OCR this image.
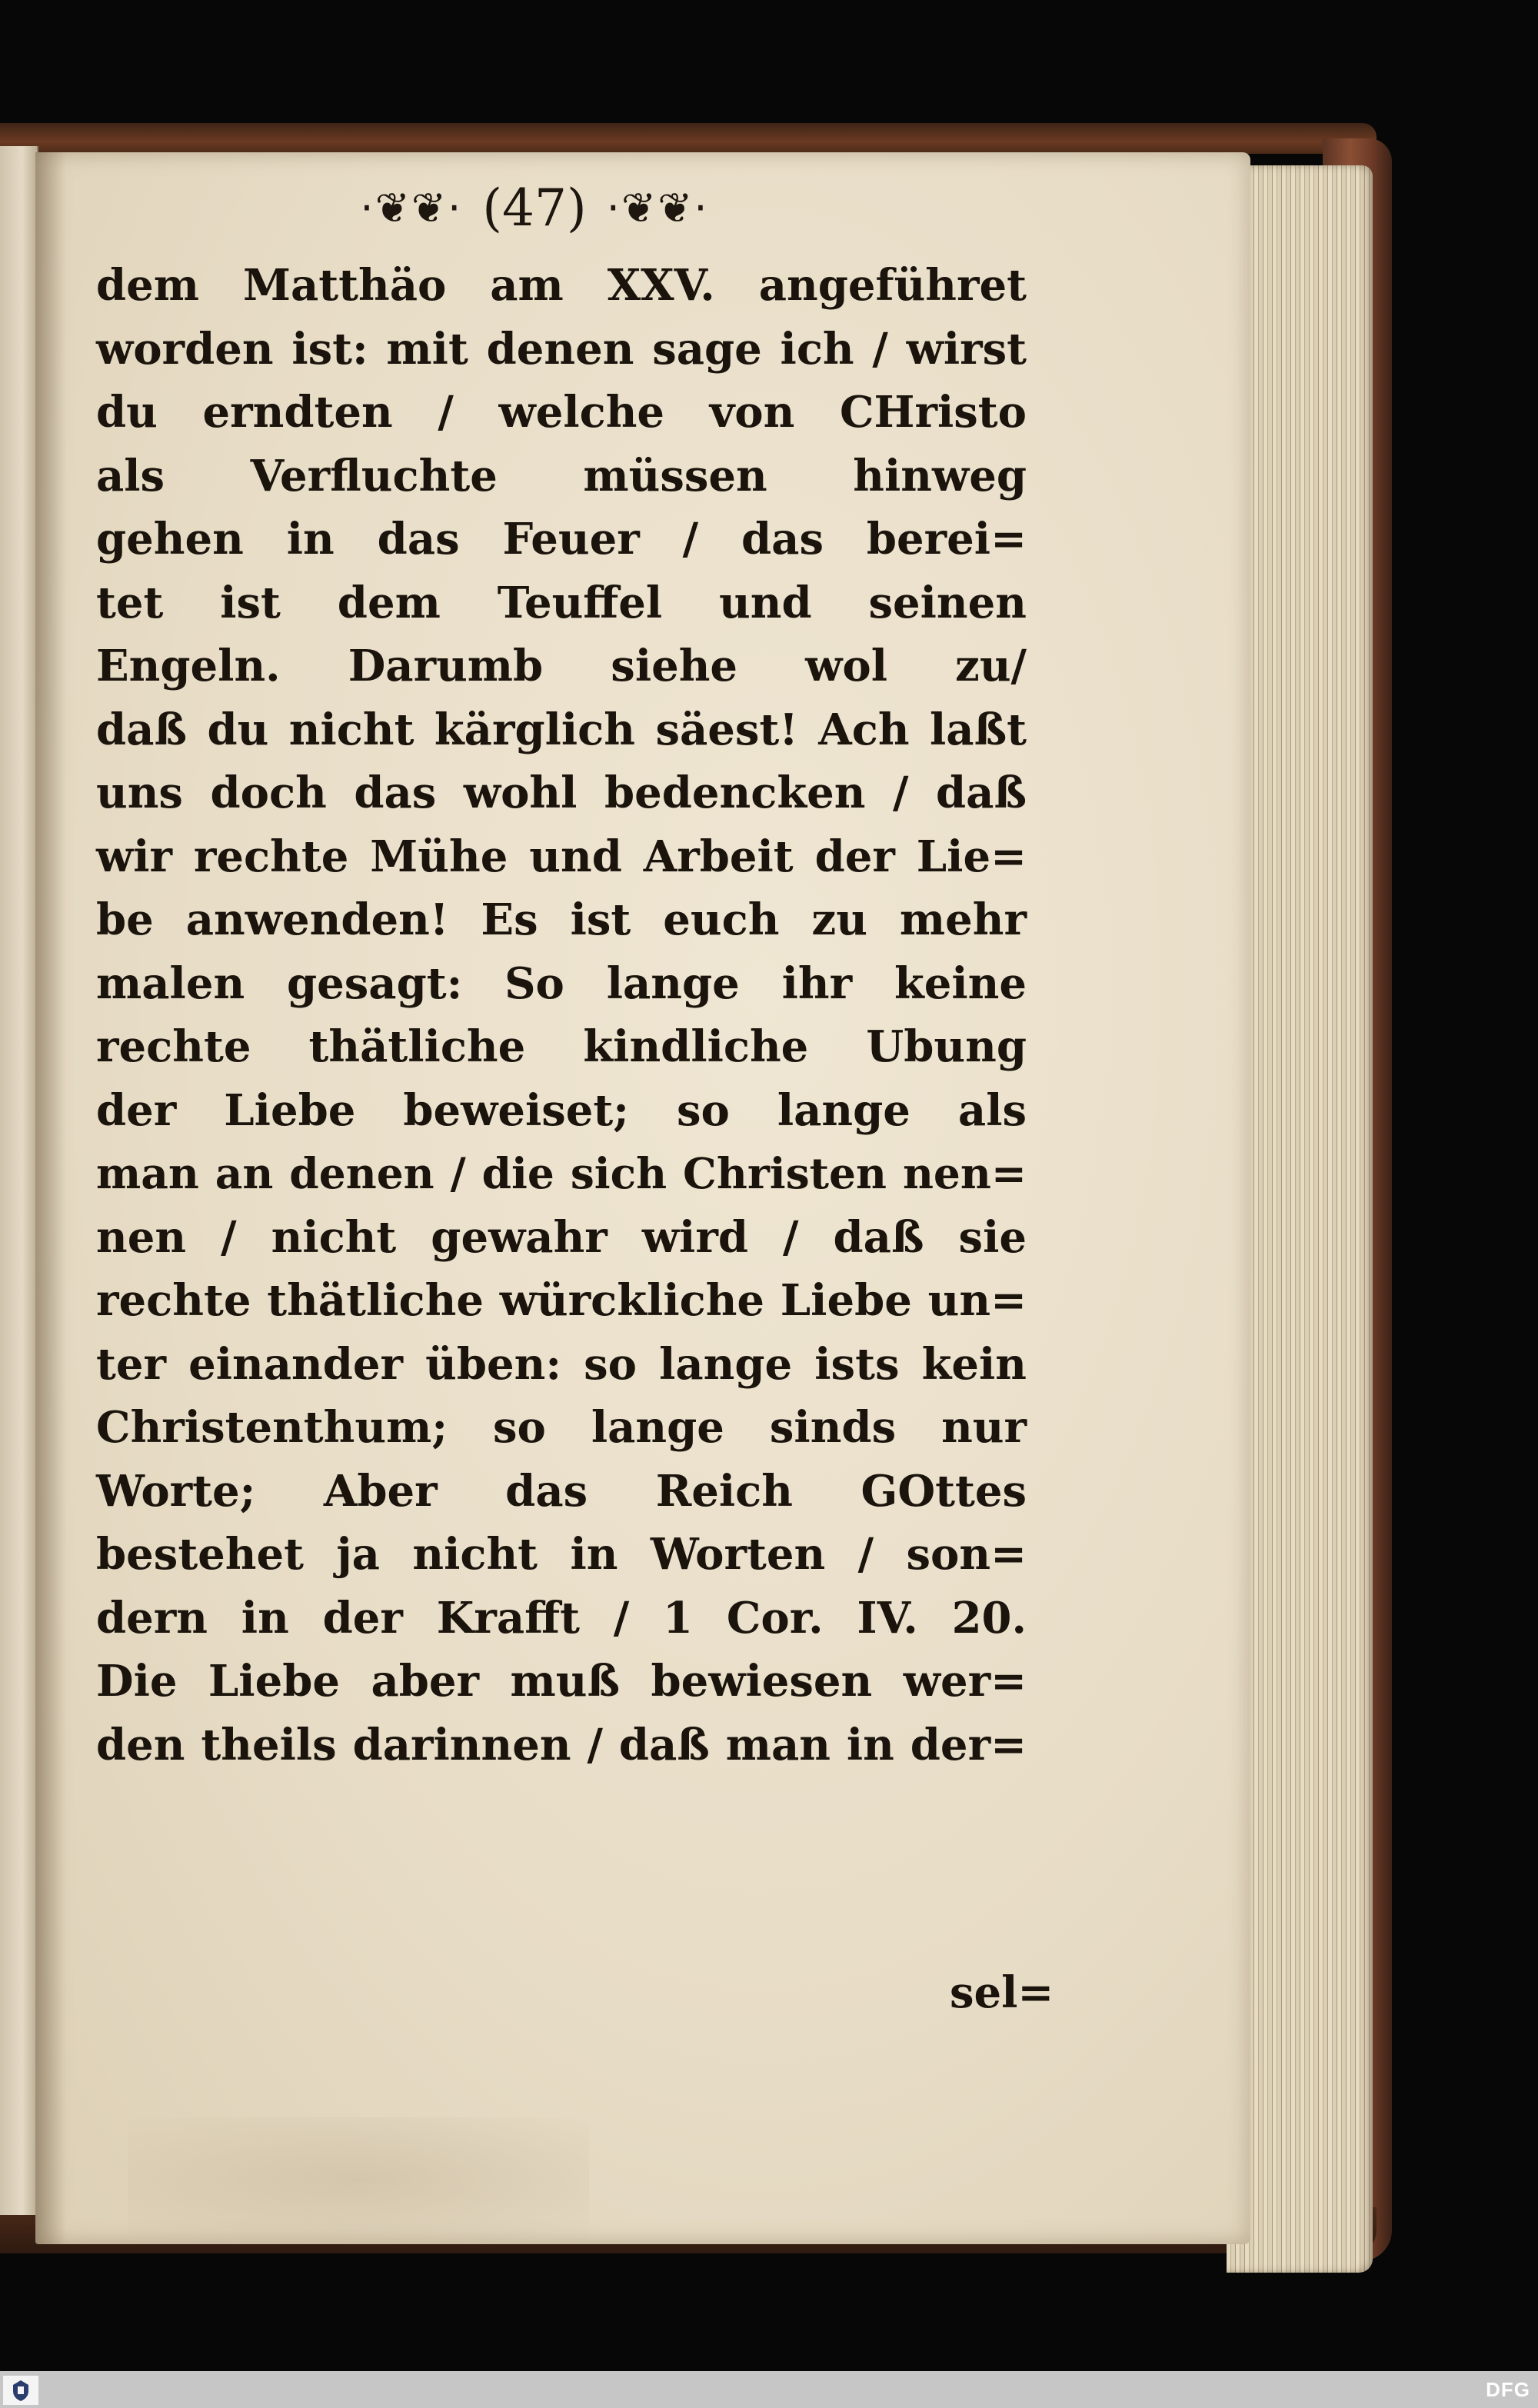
·❦❦· (47) ·❦❦·
dem Matthäo am XXV. angeführet
worden ist: mit denen sage ich / wirst
du erndten / welche von CHristo
als Verfluchte müssen hinweg
gehen in das Feuer / das berei=
tet ist dem Teuffel und seinen
Engeln. Darumb siehe wol zu/
daß du nicht kärglich säest! Ach laßt
uns doch das wohl bedencken / daß
wir rechte Mühe und Arbeit der Lie=
be anwenden! Es ist euch zu mehr
malen gesagt: So lange ihr keine
rechte thätliche kindliche Ubung
der Liebe beweiset; so lange als
man an denen / die sich Christen nen=
nen / nicht gewahr wird / daß sie
rechte thätliche würckliche Liebe un=
ter einander üben: so lange ists kein
Christenthum; so lange sinds nur
Worte; Aber das Reich GOttes
bestehet ja nicht in Worten / son=
dern in der Krafft / 1 Cor. IV. 20.
Die Liebe aber muß bewiesen wer=
den theils darinnen / daß man in der=
sel=
DFG
